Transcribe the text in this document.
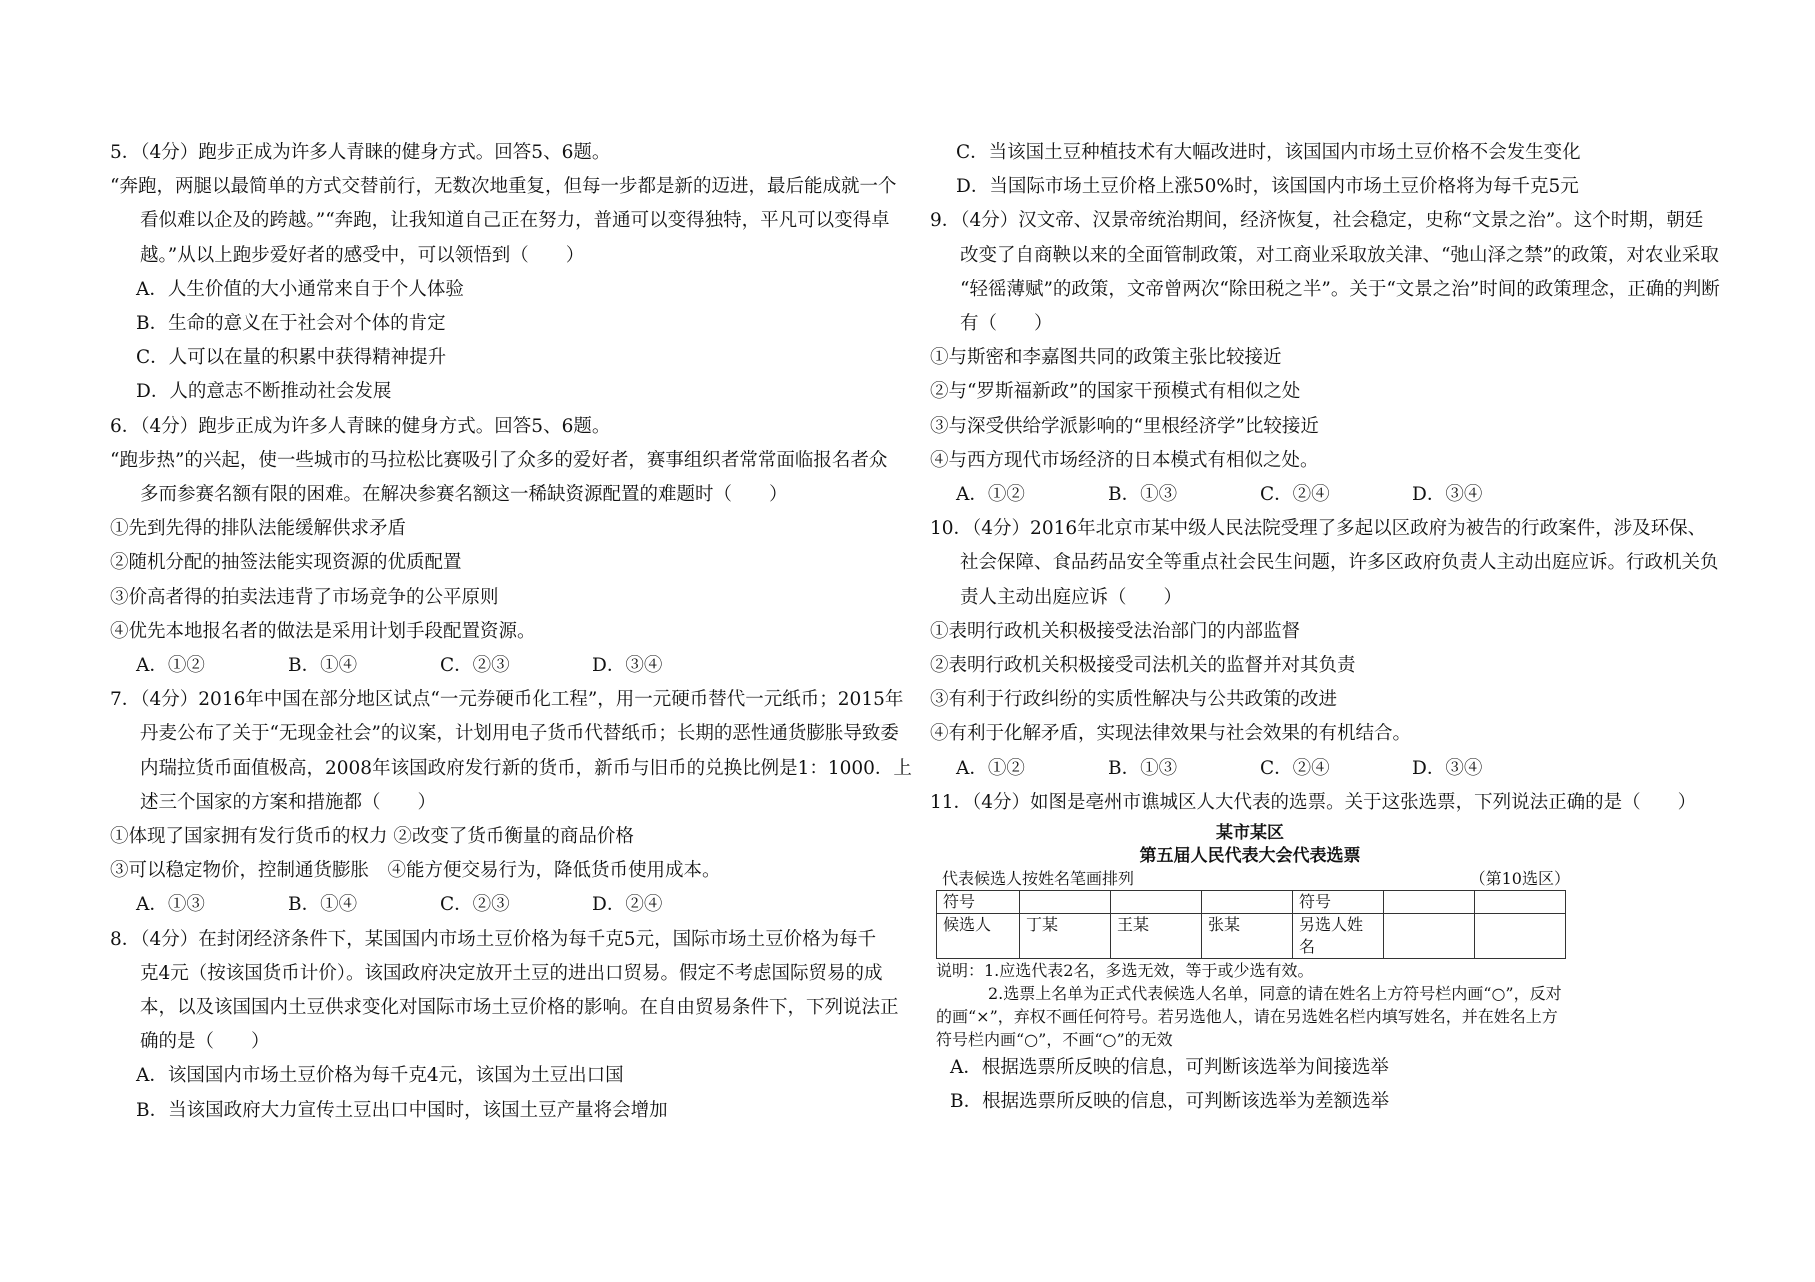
5．（4分）跑步正成为许多人青睐的健身方式。回答5、6题。
“奔跑，两腿以最简单的方式交替前行，无数次地重复，但每一步都是新的迈进，最后能成就一个
看似难以企及的跨越。”“奔跑，让我知道自己正在努力，普通可以变得独特，平凡可以变得卓
越。”从以上跑步爱好者的感受中，可以领悟到（　　）
A．人生价值的大小通常来自于个人体验
B．生命的意义在于社会对个体的肯定
C．人可以在量的积累中获得精神提升
D．人的意志不断推动社会发展
6．（4分）跑步正成为许多人青睐的健身方式。回答5、6题。
“跑步热”的兴起，使一些城市的马拉松比赛吸引了众多的爱好者，赛事组织者常常面临报名者众
多而参赛名额有限的困难。在解决参赛名额这一稀缺资源配置的难题时（　　）
①先到先得的排队法能缓解供求矛盾
②随机分配的抽签法能实现资源的优质配置
③价高者得的拍卖法违背了市场竞争的公平原则
④优先本地报名者的做法是采用计划手段配置资源。
A．①②	B．①④	C．②③	D．③④
7．（4分）2016年中国在部分地区试点“一元券硬币化工程”，用一元硬币替代一元纸币；2015年
丹麦公布了关于“无现金社会”的议案，计划用电子货币代替纸币；长期的恶性通货膨胀导致委
内瑞拉货币面值极高，2008年该国政府发行新的货币，新币与旧币的兑换比例是1：1000．上
述三个国家的方案和措施都（　　）
①体现了国家拥有发行货币的权力 ②改变了货币衡量的商品价格
③可以稳定物价，控制通货膨胀　④能方便交易行为，降低货币使用成本。
A．①③	B．①④	C．②③	D．②④
8．（4分）在封闭经济条件下，某国国内市场土豆价格为每千克5元，国际市场土豆价格为每千
克4元（按该国货币计价）。该国政府决定放开土豆的进出口贸易。假定不考虑国际贸易的成
本，以及该国国内土豆供求变化对国际市场土豆价格的影响。在自由贸易条件下，下列说法正
确的是（　　）
A．该国国内市场土豆价格为每千克4元，该国为土豆出口国
B．当该国政府大力宣传土豆出口中国时，该国土豆产量将会增加
C．当该国土豆种植技术有大幅改进时，该国国内市场土豆价格不会发生变化
D．当国际市场土豆价格上涨50%时，该国国内市场土豆价格将为每千克5元
9．（4分）汉文帝、汉景帝统治期间，经济恢复，社会稳定，史称“文景之治”。这个时期，朝廷
改变了自商鞅以来的全面管制政策，对工商业采取放关津、“弛山泽之禁”的政策，对农业采取
“轻徭薄赋”的政策，文帝曾两次“除田税之半”。关于“文景之治”时间的政策理念，正确的判断
有（　　）
①与斯密和李嘉图共同的政策主张比较接近
②与“罗斯福新政”的国家干预模式有相似之处
③与深受供给学派影响的“里根经济学”比较接近
④与西方现代市场经济的日本模式有相似之处。
A．①②	B．①③	C．②④	D．③④
10．（4分）2016年北京市某中级人民法院受理了多起以区政府为被告的行政案件，涉及环保、
社会保障、食品药品安全等重点社会民生问题，许多区政府负责人主动出庭应诉。行政机关负
责人主动出庭应诉（　　）
①表明行政机关积极接受法治部门的内部监督
②表明行政机关积极接受司法机关的监督并对其负责
③有利于行政纠纷的实质性解决与公共政策的改进
④有利于化解矛盾，实现法律效果与社会效果的有机结合。
A．①②	B．①③	C．②④	D．③④
11．（4分）如图是亳州市谯城区人大代表的选票。关于这张选票，下列说法正确的是（　　）
某市某区
第五届人民代表大会代表选票
代表候选人按姓名笔画排列	（第10选区）
符号				符号		
候选人	丁某	王某	张某	另选人姓名		
说明：1.应选代表2名，多选无效，等于或少选有效。
2.选票上名单为正式代表候选人名单，同意的请在姓名上方符号栏内画“○”，反对
的画“×”，弃权不画任何符号。若另选他人，请在另选姓名栏内填写姓名，并在姓名上方
符号栏内画“○”，不画“○”的无效
A．根据选票所反映的信息，可判断该选举为间接选举
B．根据选票所反映的信息，可判断该选举为差额选举
